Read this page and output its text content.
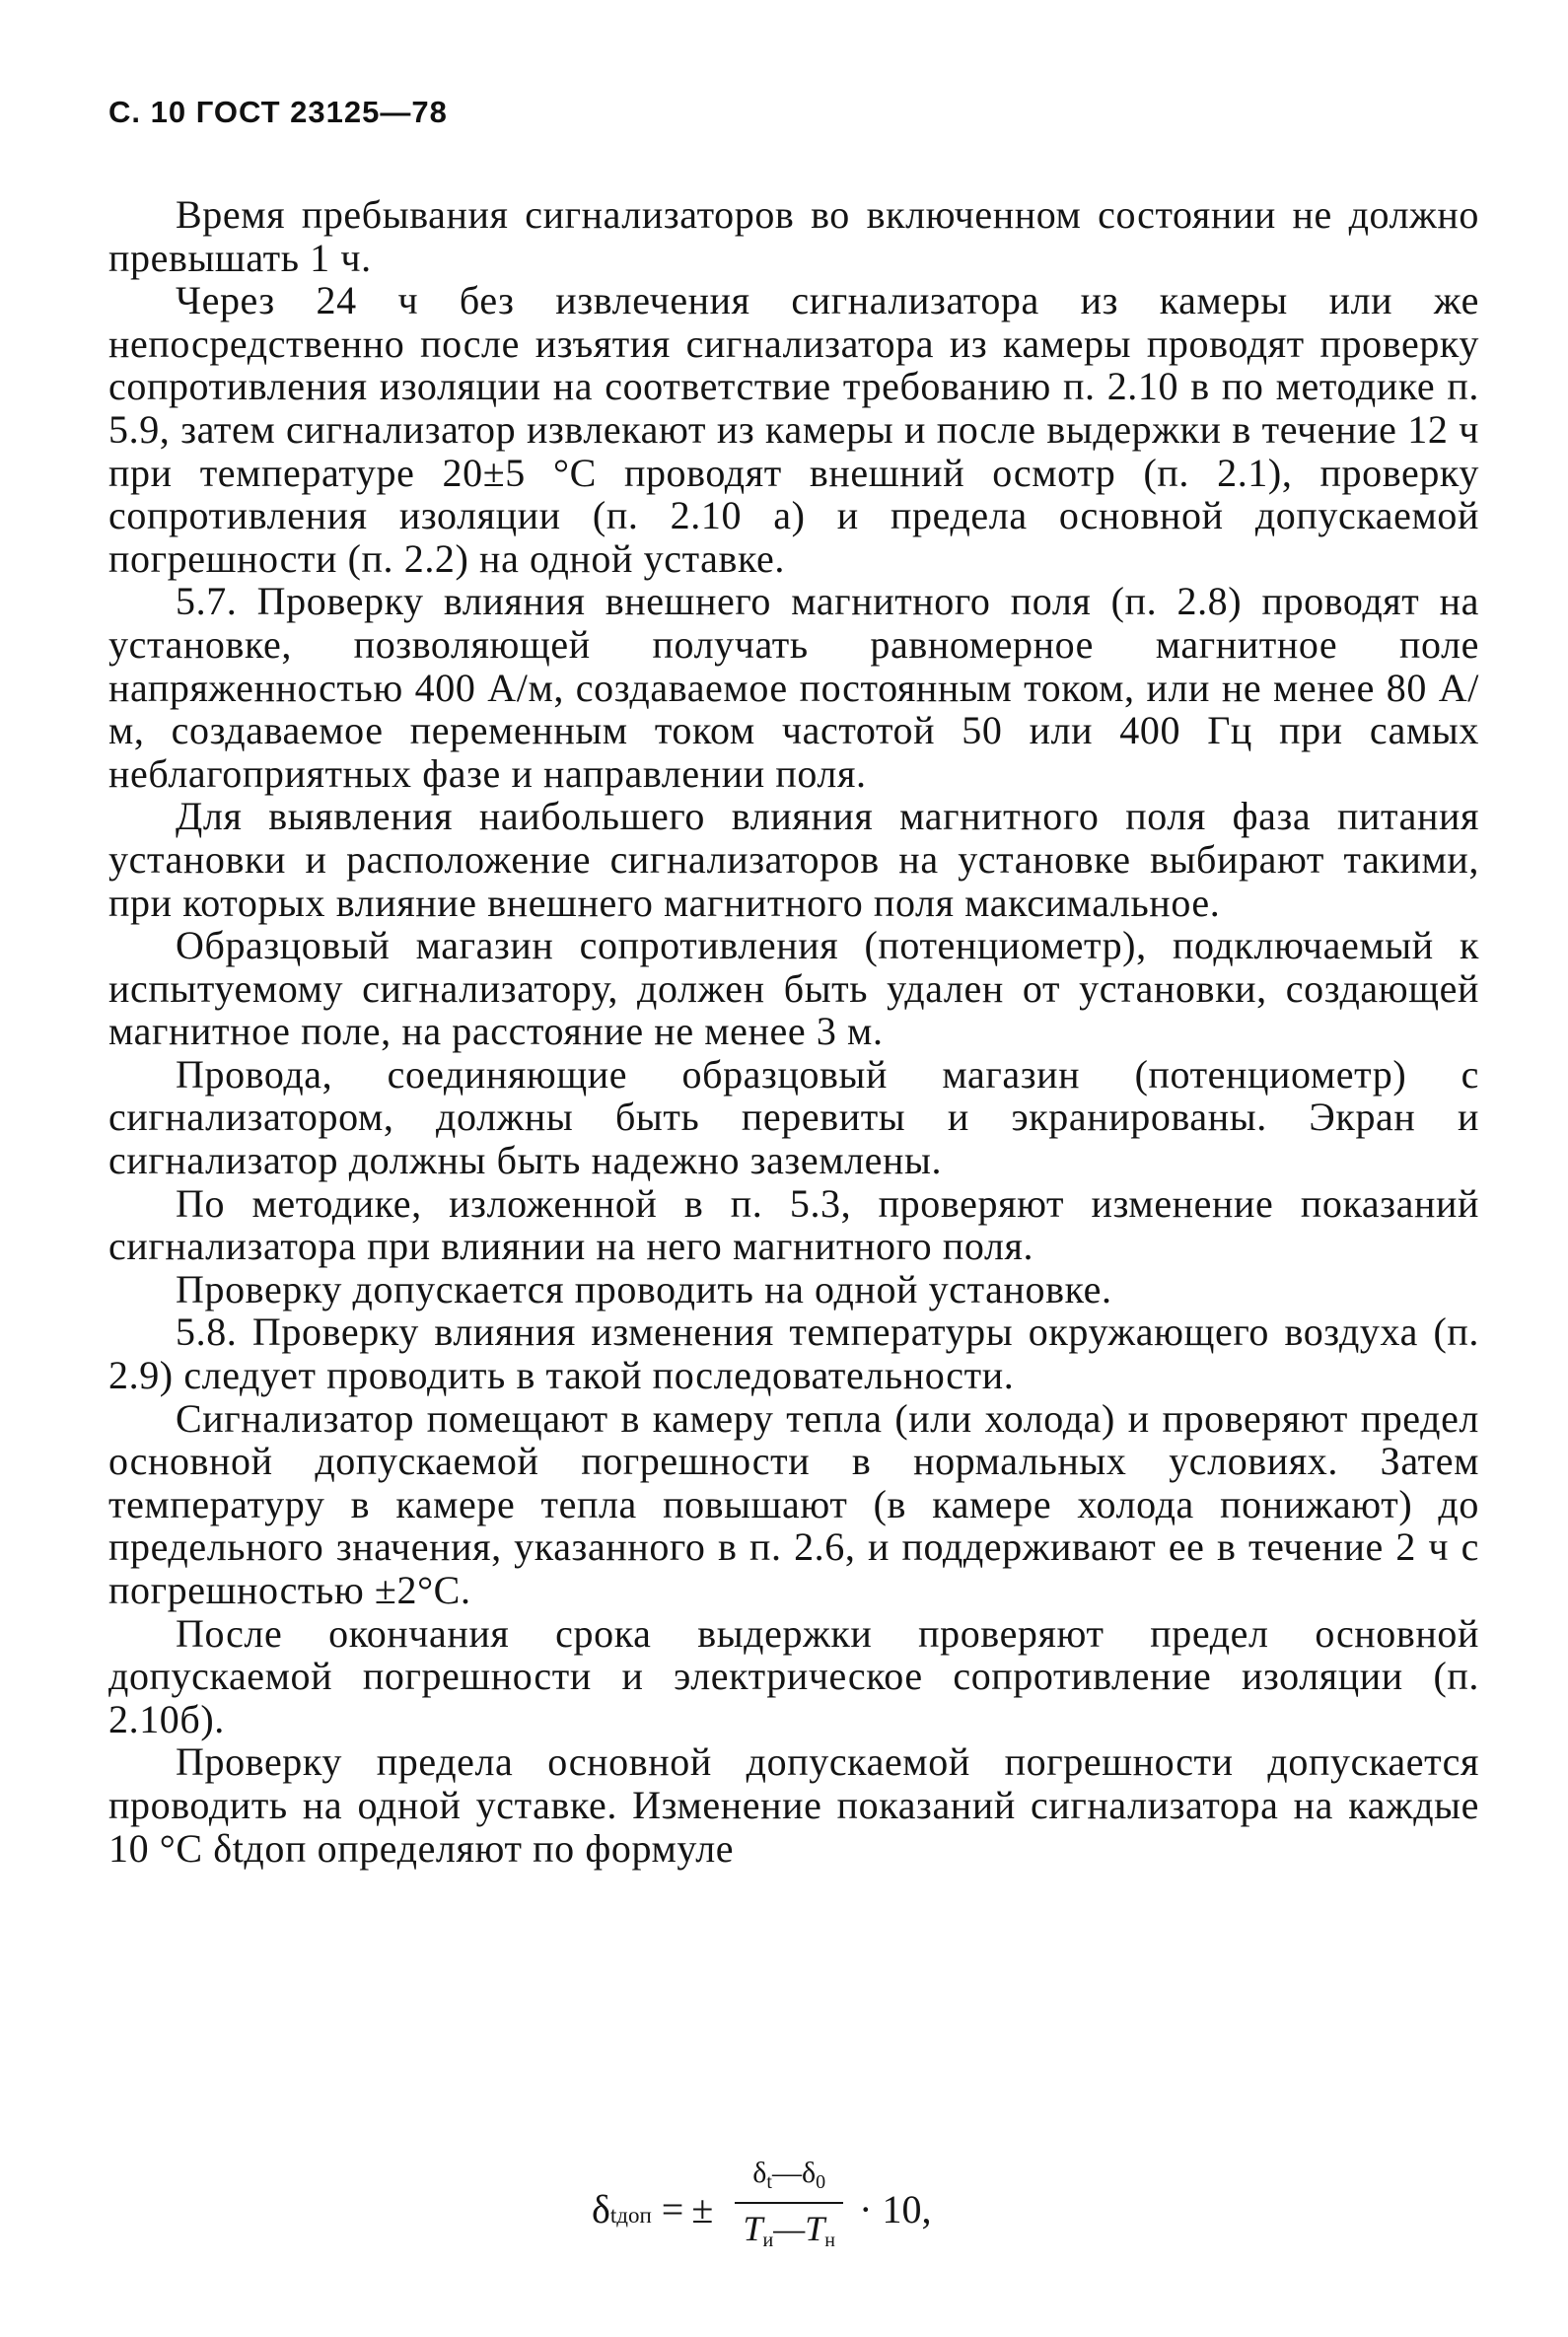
С. 10 ГОСТ 23125—78

Время пребывания сигнализаторов во включенном состоянии не должно превышать 1 ч.

Через 24 ч без извлечения сигнализатора из камеры или же непосредственно после изъятия сигнализатора из камеры проводят проверку сопротивления изоляции на соответствие требованию п. 2.10 в по методике п. 5.9, затем сигнализатор извлекают из камеры и после выдержки в течение 12 ч при температуре 20±5 °С проводят внешний осмотр (п. 2.1), проверку сопротивления изоляции (п. 2.10 а) и предела основной допускаемой погрешности (п. 2.2) на одной уставке.

5.7. Проверку влияния внешнего магнитного поля (п. 2.8) проводят на установке, позволяющей получать равномерное магнитное поле напряженностью 400 А/м, создаваемое постоянным током, или не менее 80 А/м, создаваемое переменным током частотой 50 или 400 Гц при самых неблагоприятных фазе и направлении поля.

Для выявления наибольшего влияния магнитного поля фаза питания установки и расположение сигнализаторов на установке выбирают такими, при которых влияние внешнего магнитного поля максимальное.

Образцовый магазин сопротивления (потенциометр), подключаемый к испытуемому сигнализатору, должен быть удален от установки, создающей магнитное поле, на расстояние не менее 3 м.

Провода, соединяющие образцовый магазин (потенциометр) с сигнализатором, должны быть перевиты и экранированы. Экран и сигнализатор должны быть надежно заземлены.

По методике, изложенной в п. 5.3, проверяют изменение показаний сигнализатора при влиянии на него магнитного поля.

Проверку допускается проводить на одной установке.

5.8. Проверку влияния изменения температуры окружающего воздуха (п. 2.9) следует проводить в такой последовательности.

Сигнализатор помещают в камеру тепла (или холода) и проверяют предел основной допускаемой погрешности в нормальных условиях. Затем температуру в камере тепла повышают (в камере холода понижают) до предельного значения, указанного в п. 2.6, и поддерживают ее в течение 2 ч с погрешностью ±2°С.

После окончания срока выдержки проверяют предел основной допускаемой погрешности и электрическое сопротивление изоляции (п. 2.10б).

Проверку предела основной допускаемой погрешности допускается проводить на одной уставке. Изменение показаний сигнализатора на каждые 10 °С δtдоп определяют по формуле

δ tдоп = ± $\frac{\delta_t—\delta_0}{T_и—T_н} \cdot 10$,
